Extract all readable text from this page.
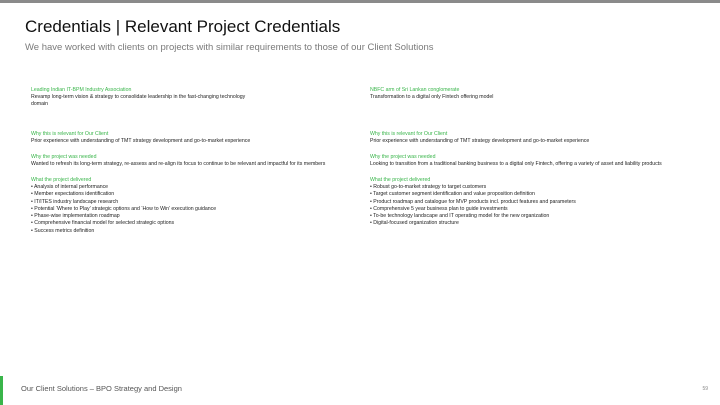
Credentials | Relevant Project Credentials
We have worked with clients on projects with similar requirements to those of our Client Solutions

Leading Indian IT-BPM Industry Association

Revamp long-term vision & strategy to consolidate leadership in the fast-changing technology domain

Why this is relevant for Our Client

Prior experience with understanding of TMT strategy development and go-to-market experience

Why the project was needed

Wanted to refresh its long-term strategy, re-assess and re-align its focus to continue to be relevant and impactful for its members

What the project delivered

• Analysis of internal performance
• Member expectations identification
• IT/ITES industry landscape research
• Potential ‘Where to Play’ strategic options and ‘How to Win’ execution guidance
• Phase-wise implementation roadmap
• Comprehensive financial model for selected strategic options
• Success metrics definition

NBFC arm of Sri Lankan conglomerate

Transformation to a digital only Fintech offering model

Why this is relevant for Our Client

Prior experience with understanding of TMT strategy development and go-to-market experience

Why the project was needed

Looking to transition from a traditional banking business to a digital only Fintech, offering a variety of asset and liability products

What the project delivered

• Robust go-to-market strategy to target customers
• Target customer segment identification and value proposition definition
• Product roadmap and catalogue for MVP products incl. product features and parameters
• Comprehensive 5 year business plan to guide investments
• To-be technology landscape and IT operating model for the new organization
• Digital-focused organization structure
Our Client Solutions – BPO Strategy and Design	59
